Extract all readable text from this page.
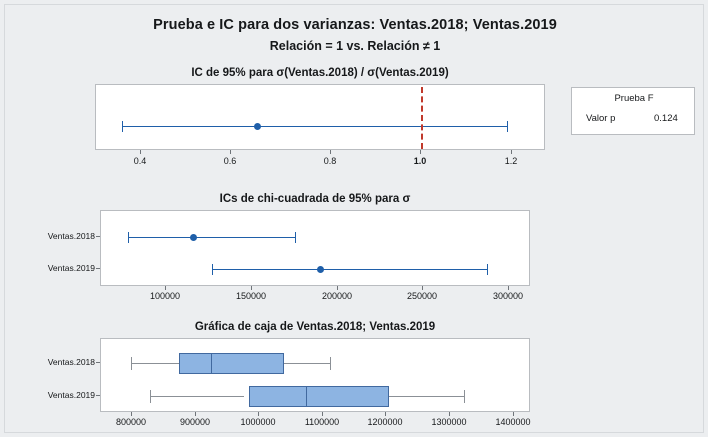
Prueba e IC para dos varianzas: Ventas.2018; Ventas.2019
Relación = 1 vs. Relación ≠ 1
Prueba F
Valor p	0.124
IC de 95% para σ(Ventas.2018) / σ(Ventas.2019)
0.4	0.6	0.8	1.0	1.2
ICs de chi-cuadrada de 95% para σ
Ventas.2018
Ventas.2019
100000	150000	200000	250000	300000
Gráfica de caja de Ventas.2018; Ventas.2019
Ventas.2018
Ventas.2019
800000	900000	1000000	1100000	1200000	1300000	1400000
